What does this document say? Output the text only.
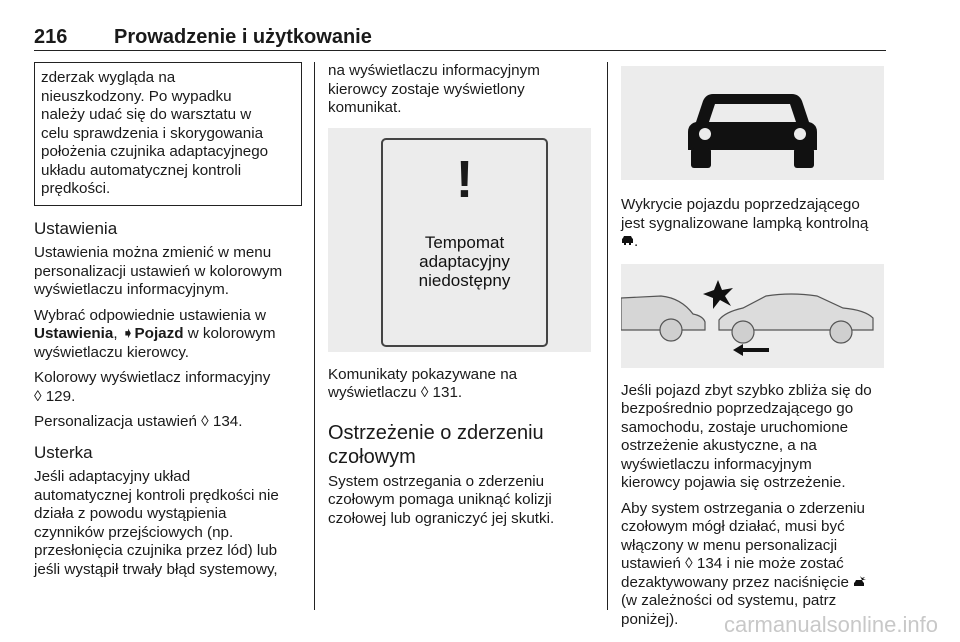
216 Prowadzenie i użytkowanie

zderzak wygląda na

nieuszkodzony. Po wypadku

należy udać się do warsztatu w

celu sprawdzenia i skorygowania

położenia czujnika adaptacyjnego

układu automatycznej kontroli

prędkości.

Ustawienia

Ustawienia można zmienić w menu

personalizacji ustawień w kolorowym

wyświetlaczu informacyjnym.

Wybrać odpowiednie ustawienia w

Ustawienia, ➧Pojazd w kolorowym

wyświetlaczu kierowcy.

Kolorowy wyświetlacz informacyjny

◊ 129.

Personalizacja ustawień ◊ 134.

Usterka

Jeśli adaptacyjny układ

automatycznej kontroli prędkości nie

działa z powodu wystąpienia

czynników przejściowych (np.

przesłonięcia czujnika przez lód) lub

jeśli wystąpił trwały błąd systemowy,

na wyświetlaczu informacyjnym

kierowcy zostaje wyświetlony

komunikat.

!
Tempomat
adaptacyjny
niedostępny

Komunikaty pokazywane na

wyświetlaczu ◊ 131.

Ostrzeżenie o zderzeniu
czołowym

System ostrzegania o zderzeniu

czołowym pomaga uniknąć kolizji

czołowej lub ograniczyć jej skutki.

Wykrycie pojazdu poprzedzającego

jest sygnalizowane lampką kontrolną

.

Jeśli pojazd zbyt szybko zbliża się do

bezpośrednio poprzedzającego go

samochodu, zostaje uruchomione

ostrzeżenie akustyczne, a na

wyświetlaczu informacyjnym

kierowcy pojawia się ostrzeżenie.

Aby system ostrzegania o zderzeniu

czołowym mógł działać, musi być

włączony w menu personalizacji

ustawień ◊ 134 i nie może zostać

dezaktywowany przez naciśnięcie

(w zależności od systemu, patrz

poniżej).	carmanualsonline.info
